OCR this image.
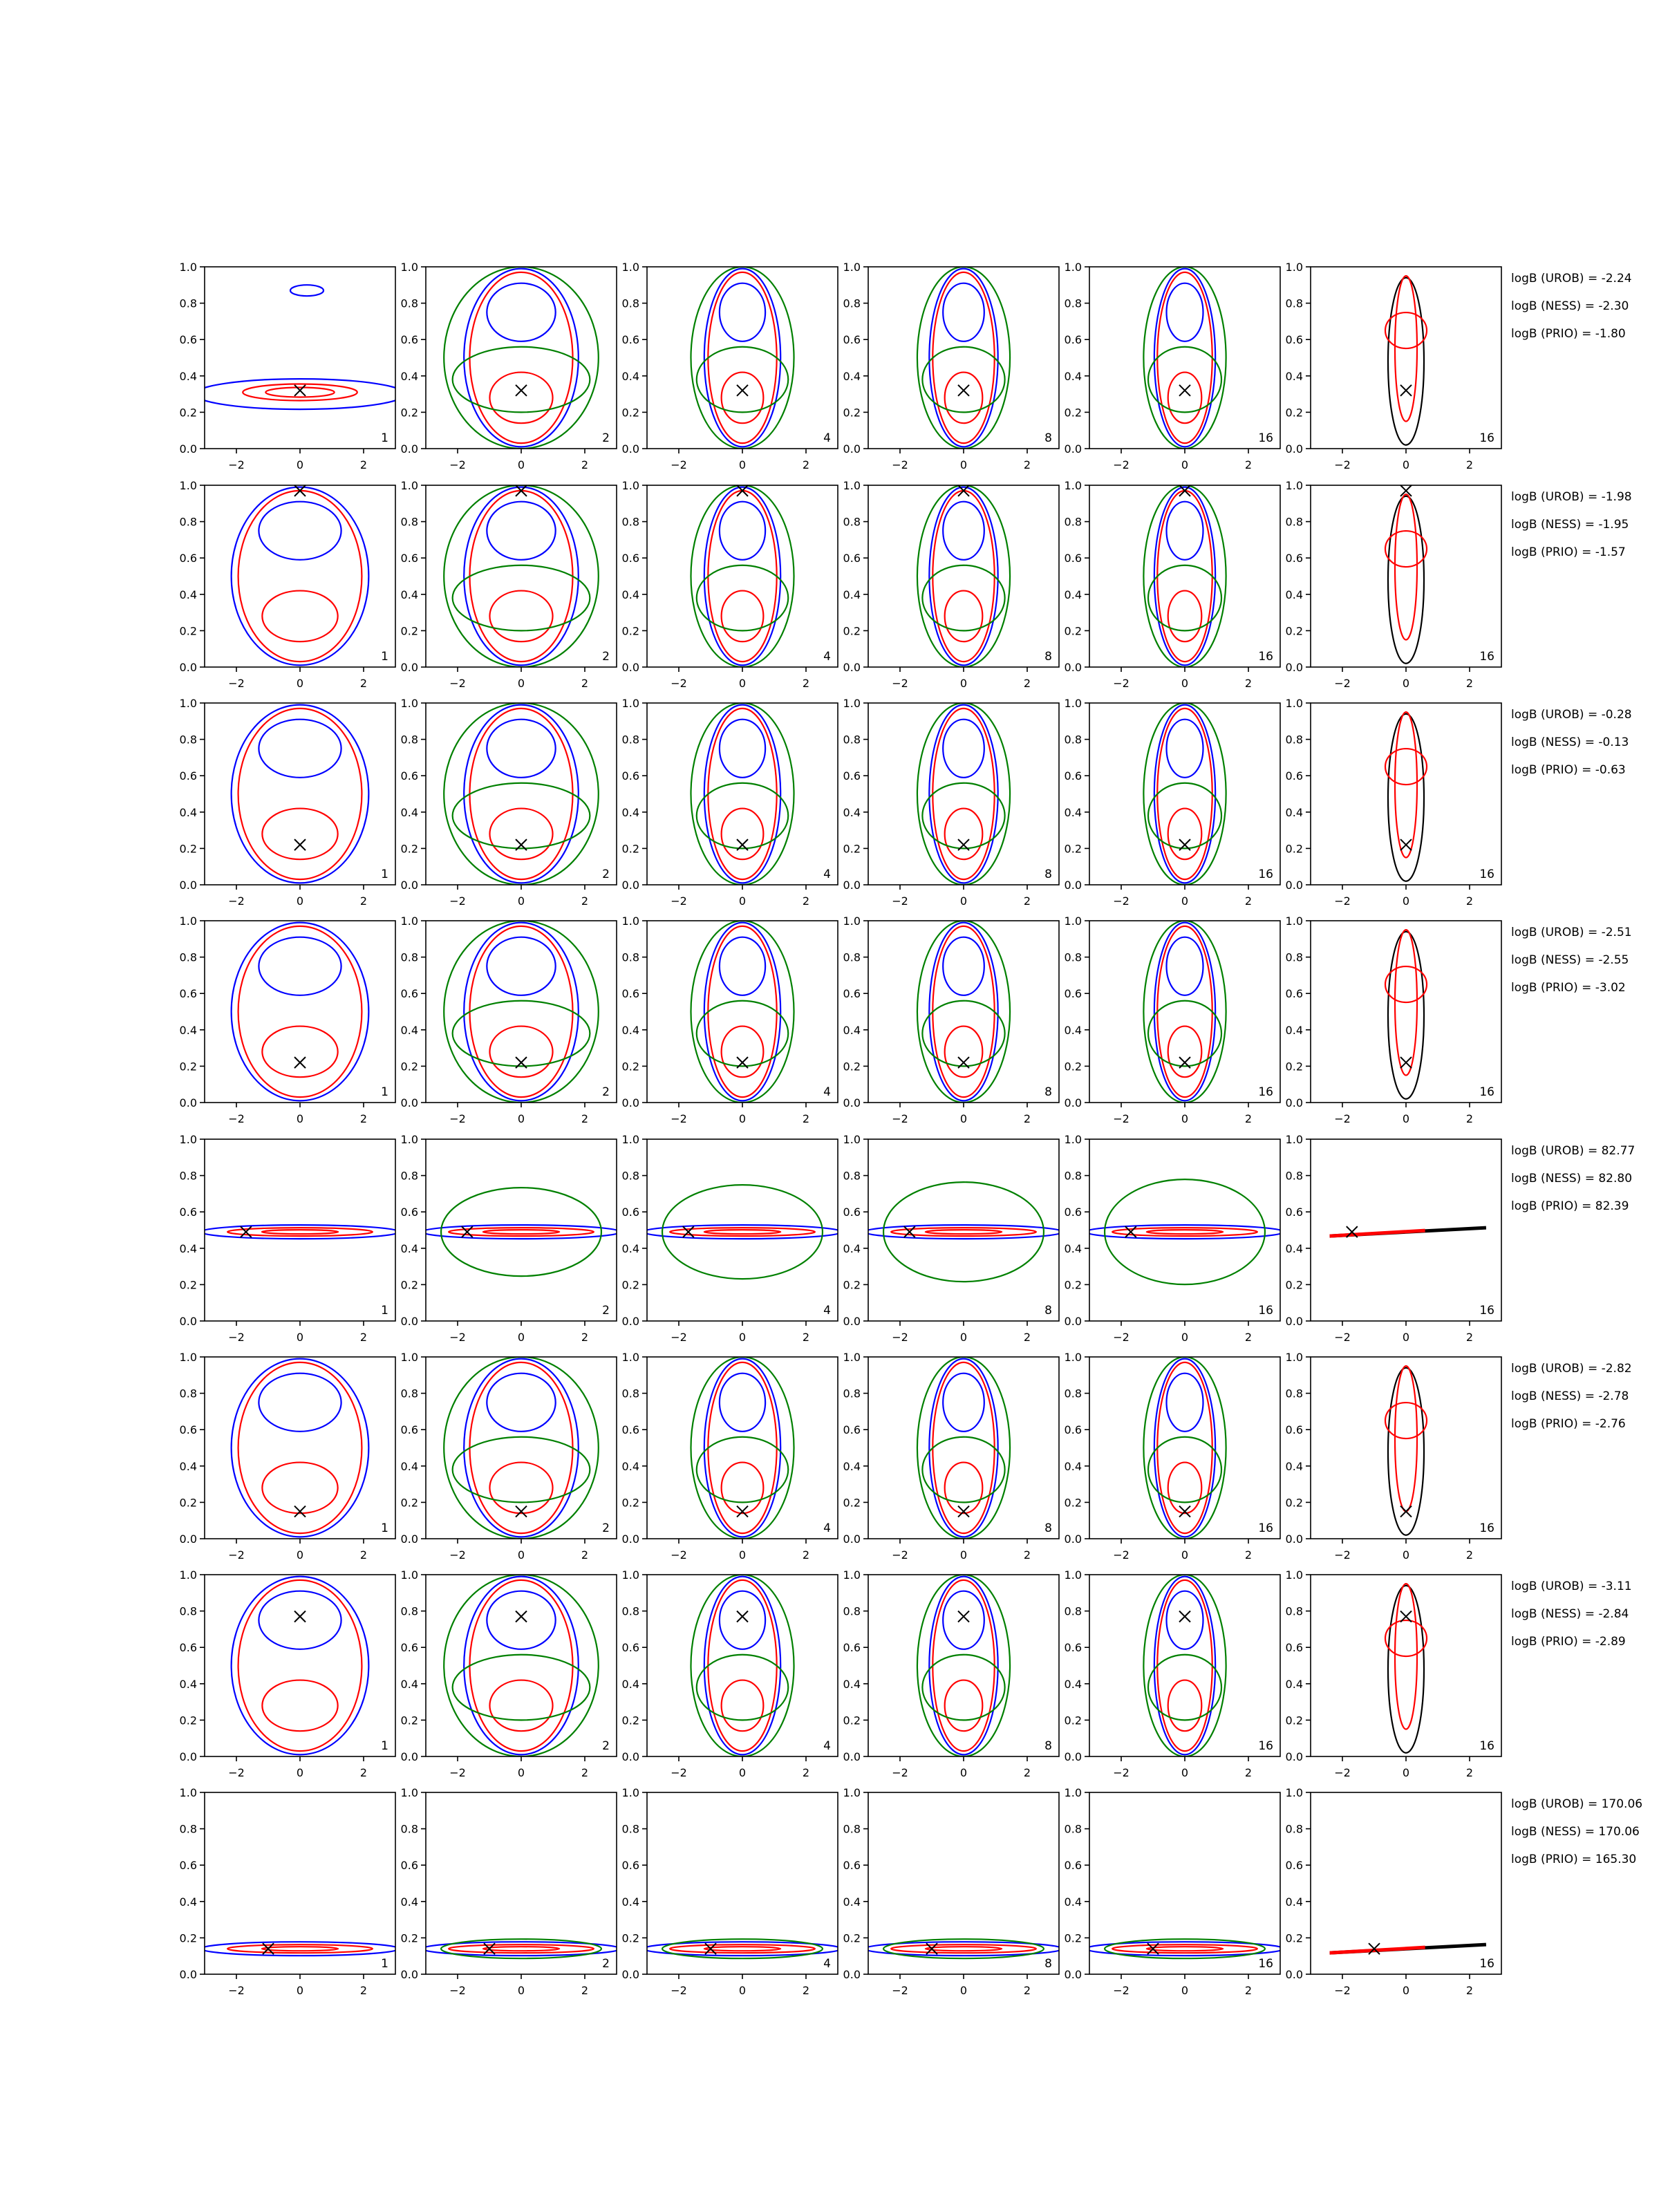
−2	0	2
0.0
0.2
0.4
0.6
0.8
1.0
1
−2	0	2
0.0
0.2
0.4
0.6
0.8
1.0
2
−2	0	2
0.0
0.2
0.4
0.6
0.8
1.0
4
−2	0	2
0.0
0.2
0.4
0.6
0.8
1.0
8
−2	0	2
0.0
0.2
0.4
0.6
0.8
1.0
16
−2	0	2
0.0
0.2
0.4
0.6
0.8
1.0
16
logB (UROB) = -2.24
logB (NESS) = -2.30
logB (PRIO) = -1.80
−2	0	2
0.0
0.2
0.4
0.6
0.8
1.0
1
−2	0	2
0.0
0.2
0.4
0.6
0.8
1.0
2
−2	0	2
0.0
0.2
0.4
0.6
0.8
1.0
4
−2	0	2
0.0
0.2
0.4
0.6
0.8
1.0
8
−2	0	2
0.0
0.2
0.4
0.6
0.8
1.0
16
−2	0	2
0.0
0.2
0.4
0.6
0.8
1.0
16
logB (UROB) = -1.98
logB (NESS) = -1.95
logB (PRIO) = -1.57
−2	0	2
0.0
0.2
0.4
0.6
0.8
1.0
1
−2	0	2
0.0
0.2
0.4
0.6
0.8
1.0
2
−2	0	2
0.0
0.2
0.4
0.6
0.8
1.0
4
−2	0	2
0.0
0.2
0.4
0.6
0.8
1.0
8
−2	0	2
0.0
0.2
0.4
0.6
0.8
1.0
16
−2	0	2
0.0
0.2
0.4
0.6
0.8
1.0
16
logB (UROB) = -0.28
logB (NESS) = -0.13
logB (PRIO) = -0.63
−2	0	2
0.0
0.2
0.4
0.6
0.8
1.0
1
−2	0	2
0.0
0.2
0.4
0.6
0.8
1.0
2
−2	0	2
0.0
0.2
0.4
0.6
0.8
1.0
4
−2	0	2
0.0
0.2
0.4
0.6
0.8
1.0
8
−2	0	2
0.0
0.2
0.4
0.6
0.8
1.0
16
−2	0	2
0.0
0.2
0.4
0.6
0.8
1.0
16
logB (UROB) = -2.51
logB (NESS) = -2.55
logB (PRIO) = -3.02
−2	0	2
0.0
0.2
0.4
0.6
0.8
1.0
1
−2	0	2
0.0
0.2
0.4
0.6
0.8
1.0
2
−2	0	2
0.0
0.2
0.4
0.6
0.8
1.0
4
−2	0	2
0.0
0.2
0.4
0.6
0.8
1.0
8
−2	0	2
0.0
0.2
0.4
0.6
0.8
1.0
16
−2	0	2
0.0
0.2
0.4
0.6
0.8
1.0
16
logB (UROB) = 82.77
logB (NESS) = 82.80
logB (PRIO) = 82.39
−2	0	2
0.0
0.2
0.4
0.6
0.8
1.0
1
−2	0	2
0.0
0.2
0.4
0.6
0.8
1.0
2
−2	0	2
0.0
0.2
0.4
0.6
0.8
1.0
4
−2	0	2
0.0
0.2
0.4
0.6
0.8
1.0
8
−2	0	2
0.0
0.2
0.4
0.6
0.8
1.0
16
−2	0	2
0.0
0.2
0.4
0.6
0.8
1.0
16
logB (UROB) = -2.82
logB (NESS) = -2.78
logB (PRIO) = -2.76
−2	0	2
0.0
0.2
0.4
0.6
0.8
1.0
1
−2	0	2
0.0
0.2
0.4
0.6
0.8
1.0
2
−2	0	2
0.0
0.2
0.4
0.6
0.8
1.0
4
−2	0	2
0.0
0.2
0.4
0.6
0.8
1.0
8
−2	0	2
0.0
0.2
0.4
0.6
0.8
1.0
16
−2	0	2
0.0
0.2
0.4
0.6
0.8
1.0
16
logB (UROB) = -3.11
logB (NESS) = -2.84
logB (PRIO) = -2.89
−2	0	2
0.0
0.2
0.4
0.6
0.8
1.0
1
−2	0	2
0.0
0.2
0.4
0.6
0.8
1.0
2
−2	0	2
0.0
0.2
0.4
0.6
0.8
1.0
4
−2	0	2
0.0
0.2
0.4
0.6
0.8
1.0
8
−2	0	2
0.0
0.2
0.4
0.6
0.8
1.0
16
−2	0	2
0.0
0.2
0.4
0.6
0.8
1.0
16
logB (UROB) = 170.06
logB (NESS) = 170.06
logB (PRIO) = 165.30
